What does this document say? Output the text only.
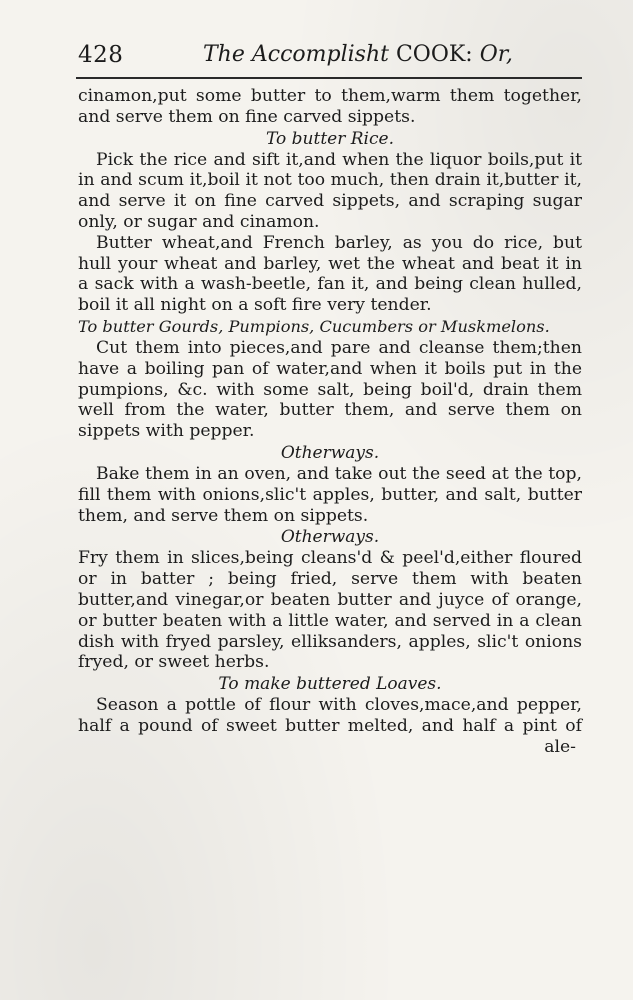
428	The Accomplisht COOK: Or,

cinamon,put some butter to them,warm them together, and serve them on fine carved sippets.

To butter Rice.

Pick the rice and sift it,and when the liquor boils,put it in and scum it,boil it not too much, then drain it,butter it, and serve it on fine carved sippets, and scraping sugar only, or sugar and cinamon.

Butter wheat,and French barley, as you do rice, but hull your wheat and barley, wet the wheat and beat it in a sack with a wash-beetle, fan it, and being clean hulled, boil it all night on a soft fire very tender.

To butter Gourds, Pumpions, Cucumbers or Muskmelons.

Cut them into pieces,and pare and cleanse them;then have a boiling pan of water,and when it boils put in the pumpions, &c. with some salt, being boil'd, drain them well from the water, butter them, and serve them on sippets with pepper.

Otherways.

Bake them in an oven, and take out the seed at the top, fill them with onions,slic't apples, butter, and salt, butter them, and serve them on sippets.

Otherways.

Fry them in slices,being cleans'd & peel'd,either floured or in batter ; being fried, serve them with beaten butter,and vinegar,or beaten butter and juyce of orange, or butter beaten with a little water, and served in a clean dish with fryed parsley, elliksanders, apples, slic't onions fryed, or sweet herbs.

To make buttered Loaves.

Season a pottle of flour with cloves,mace,and pepper, half a pound of sweet butter melted, and half a pint of

ale-
